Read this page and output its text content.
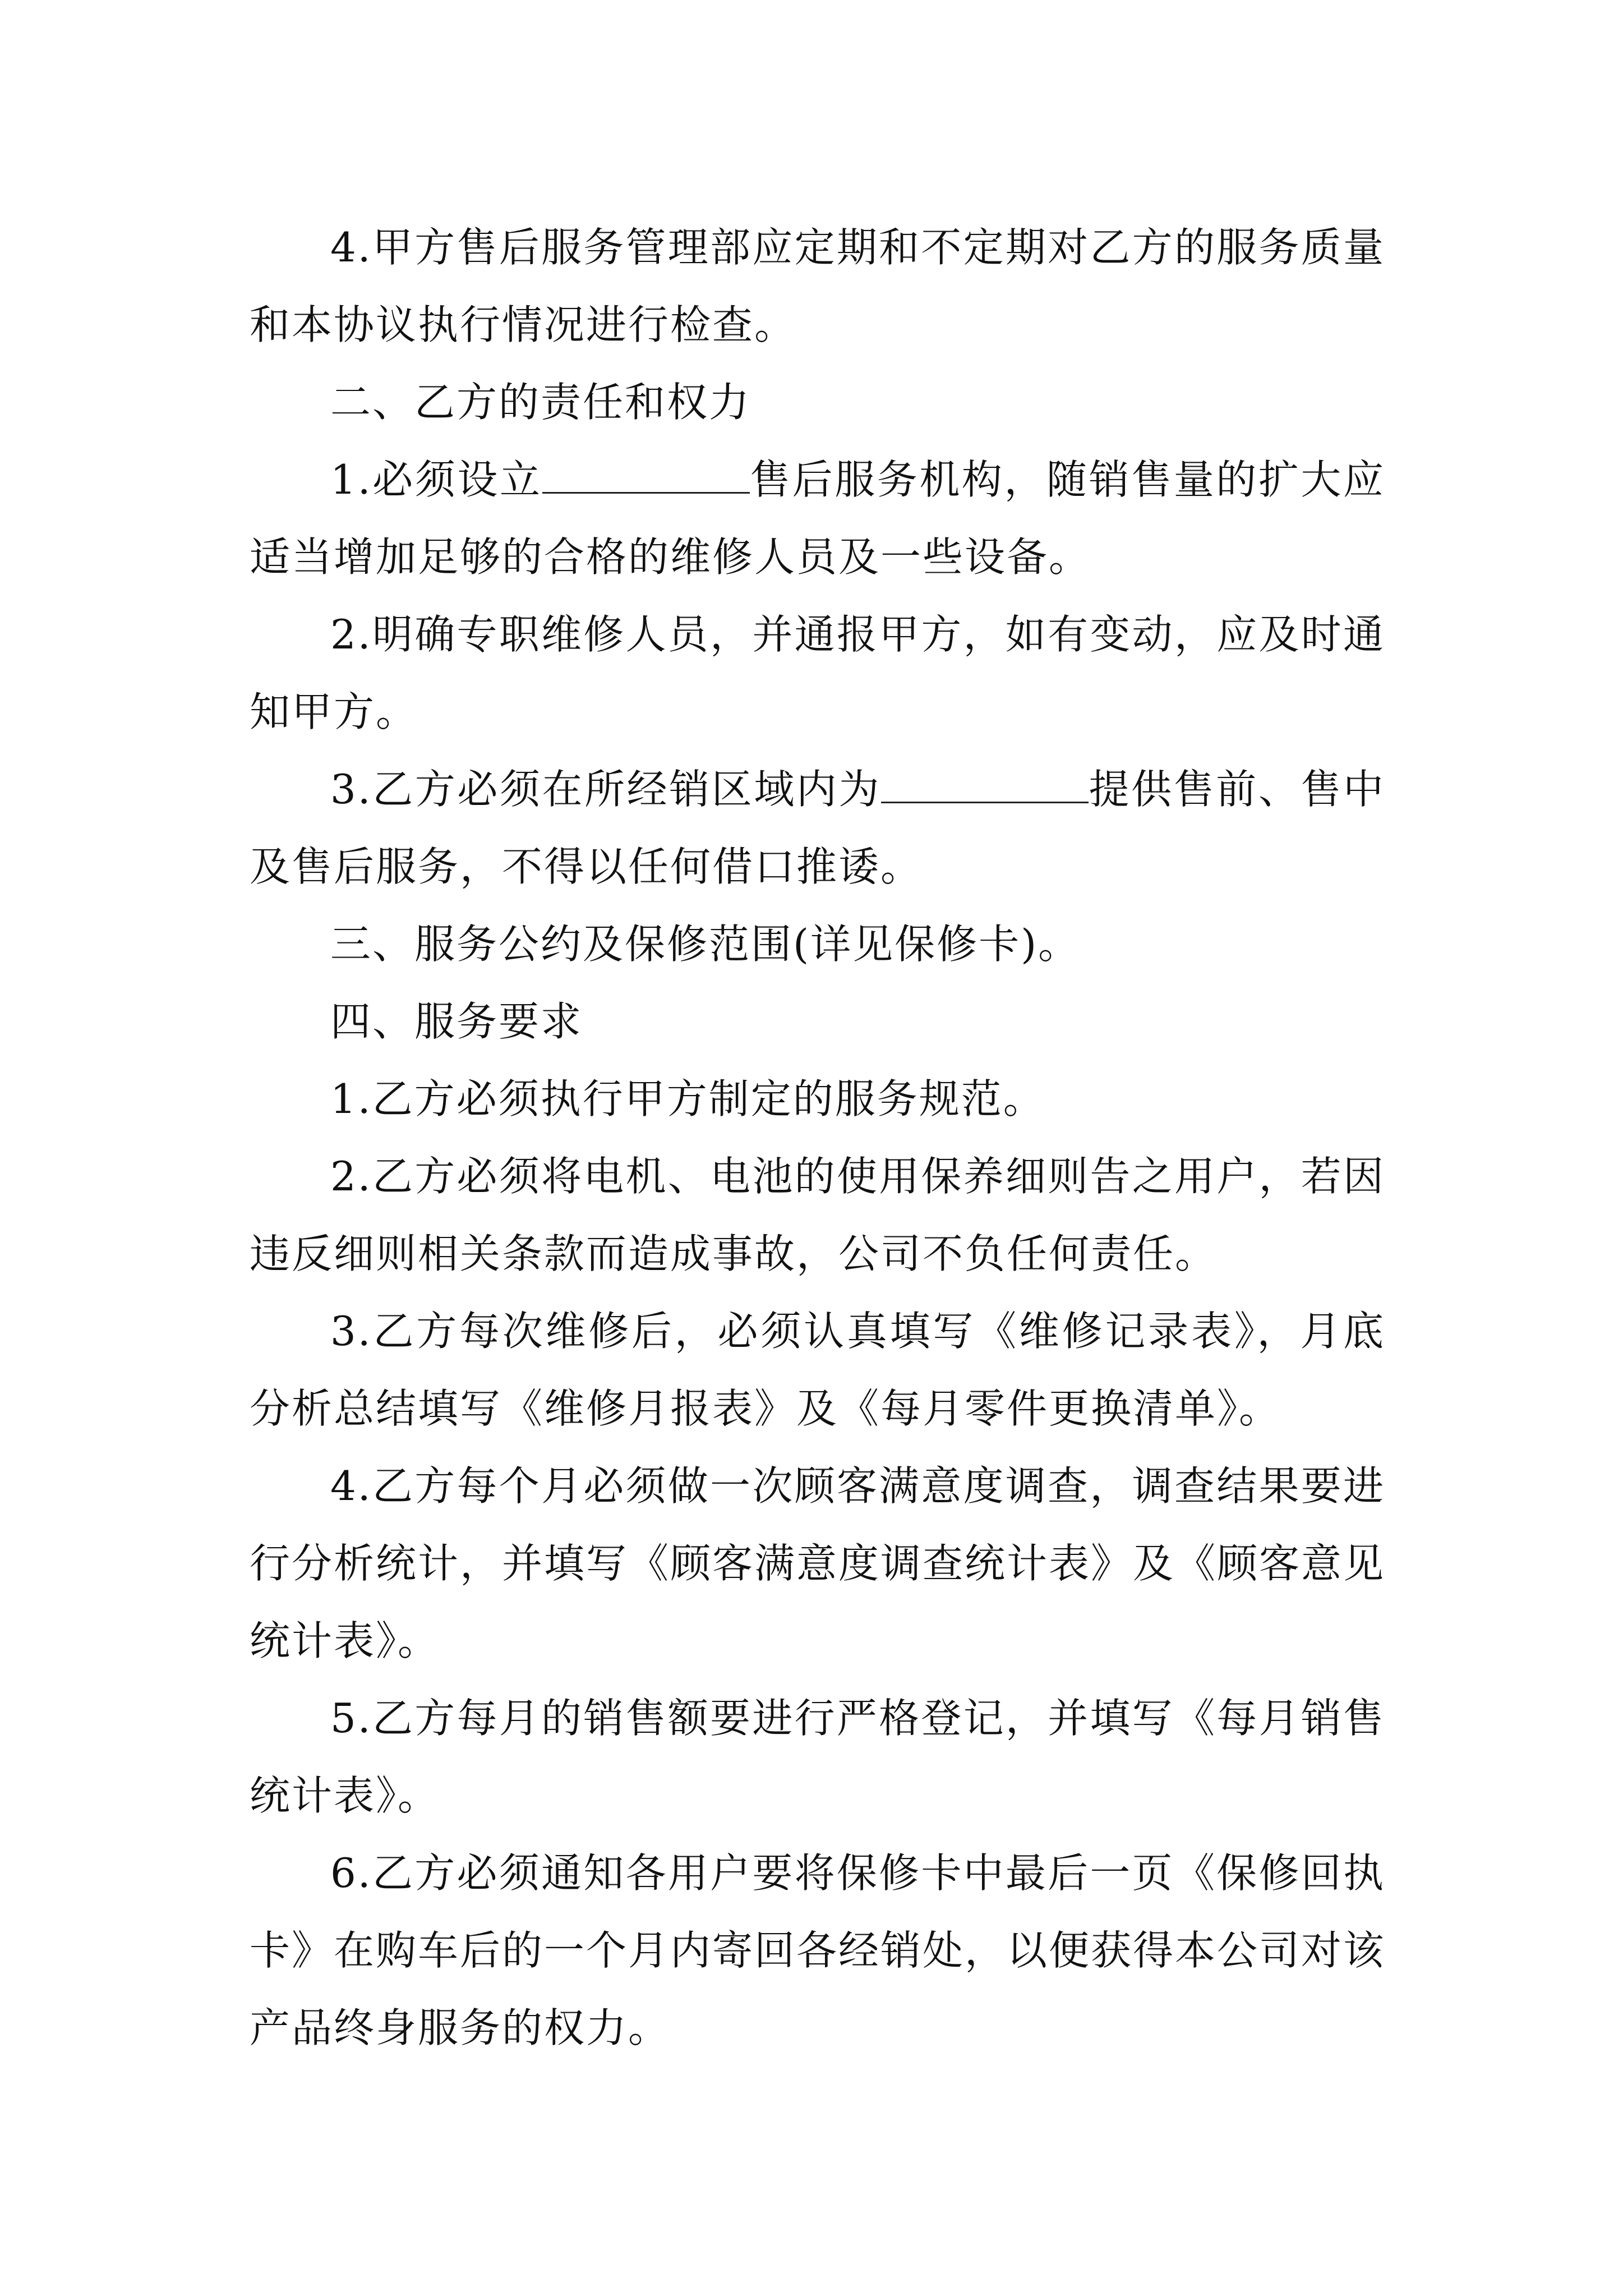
4.甲方售后服务管理部应定期和不定期对乙方的服务质量和本协议执行情况进行检查。

二、乙方的责任和权力

1.必须设立	售后服务机构，随销售量的扩大应适当增加足够的合格的维修人员及一些设备。

2.明确专职维修人员，并通报甲方，如有变动，应及时通知甲方。

3.乙方必须在所经销区域内为	提供售前、售中及售后服务，不得以任何借口推诿。

三、服务公约及保修范围(详见保修卡)。

四、服务要求

1.乙方必须执行甲方制定的服务规范。

2.乙方必须将电机、电池的使用保养细则告之用户，若因违反细则相关条款而造成事故，公司不负任何责任。

3.乙方每次维修后，必须认真填写《维修记录表》，月底分析总结填写《维修月报表》及《每月零件更换清单》。

4.乙方每个月必须做一次顾客满意度调查，调查结果要进行分析统计，并填写《顾客满意度调查统计表》及《顾客意见统计表》。

5.乙方每月的销售额要进行严格登记，并填写《每月销售统计表》。

6.乙方必须通知各用户要将保修卡中最后一页《保修回执卡》在购车后的一个月内寄回各经销处，以便获得本公司对该产品终身服务的权力。
